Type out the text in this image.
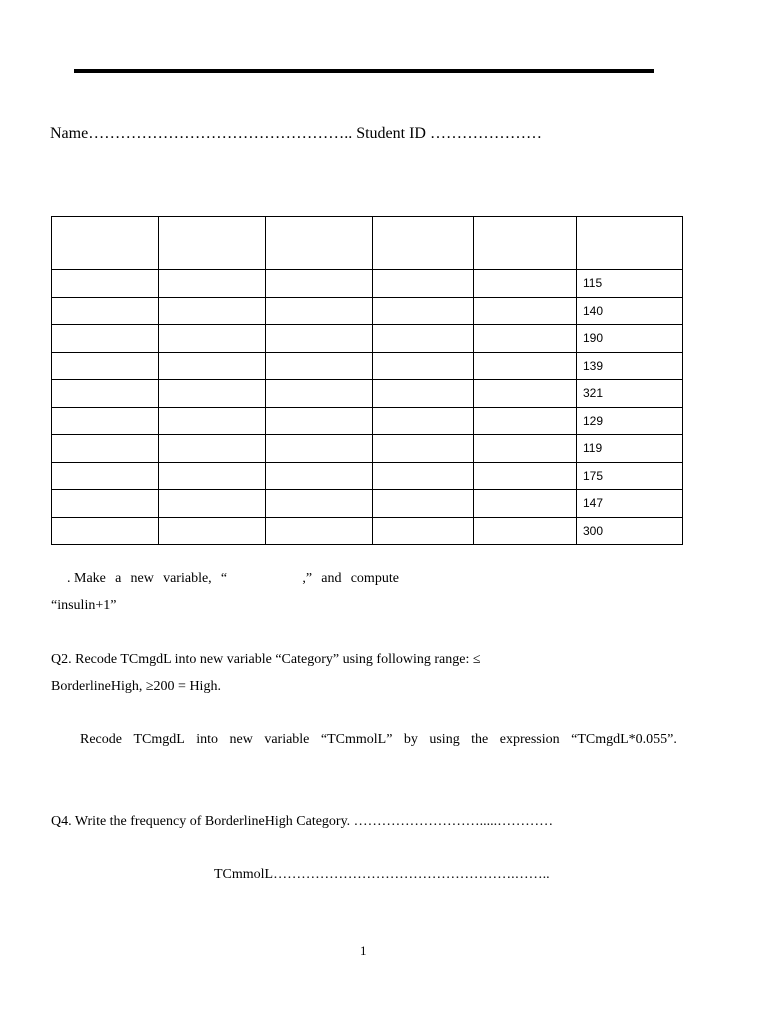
Name………………………………………….. Student ID …………………

					115
					140
					190
					139
					321
					129
					119
					175
					147
					300
. Make a new variable, “	,” and compute
“insulin+1”
Q2. Recode TCmgdL into new variable “Category” using following range: ≤
BorderlineHigh, ≥200 = High.
Recode TCmgdL into new variable “TCmmolL” by using the expression “TCmgdL*0.055”.
Q4. Write the frequency of BorderlineHigh Category. ……………………….....…………
TCmmolL…………………………………………….……..
1
